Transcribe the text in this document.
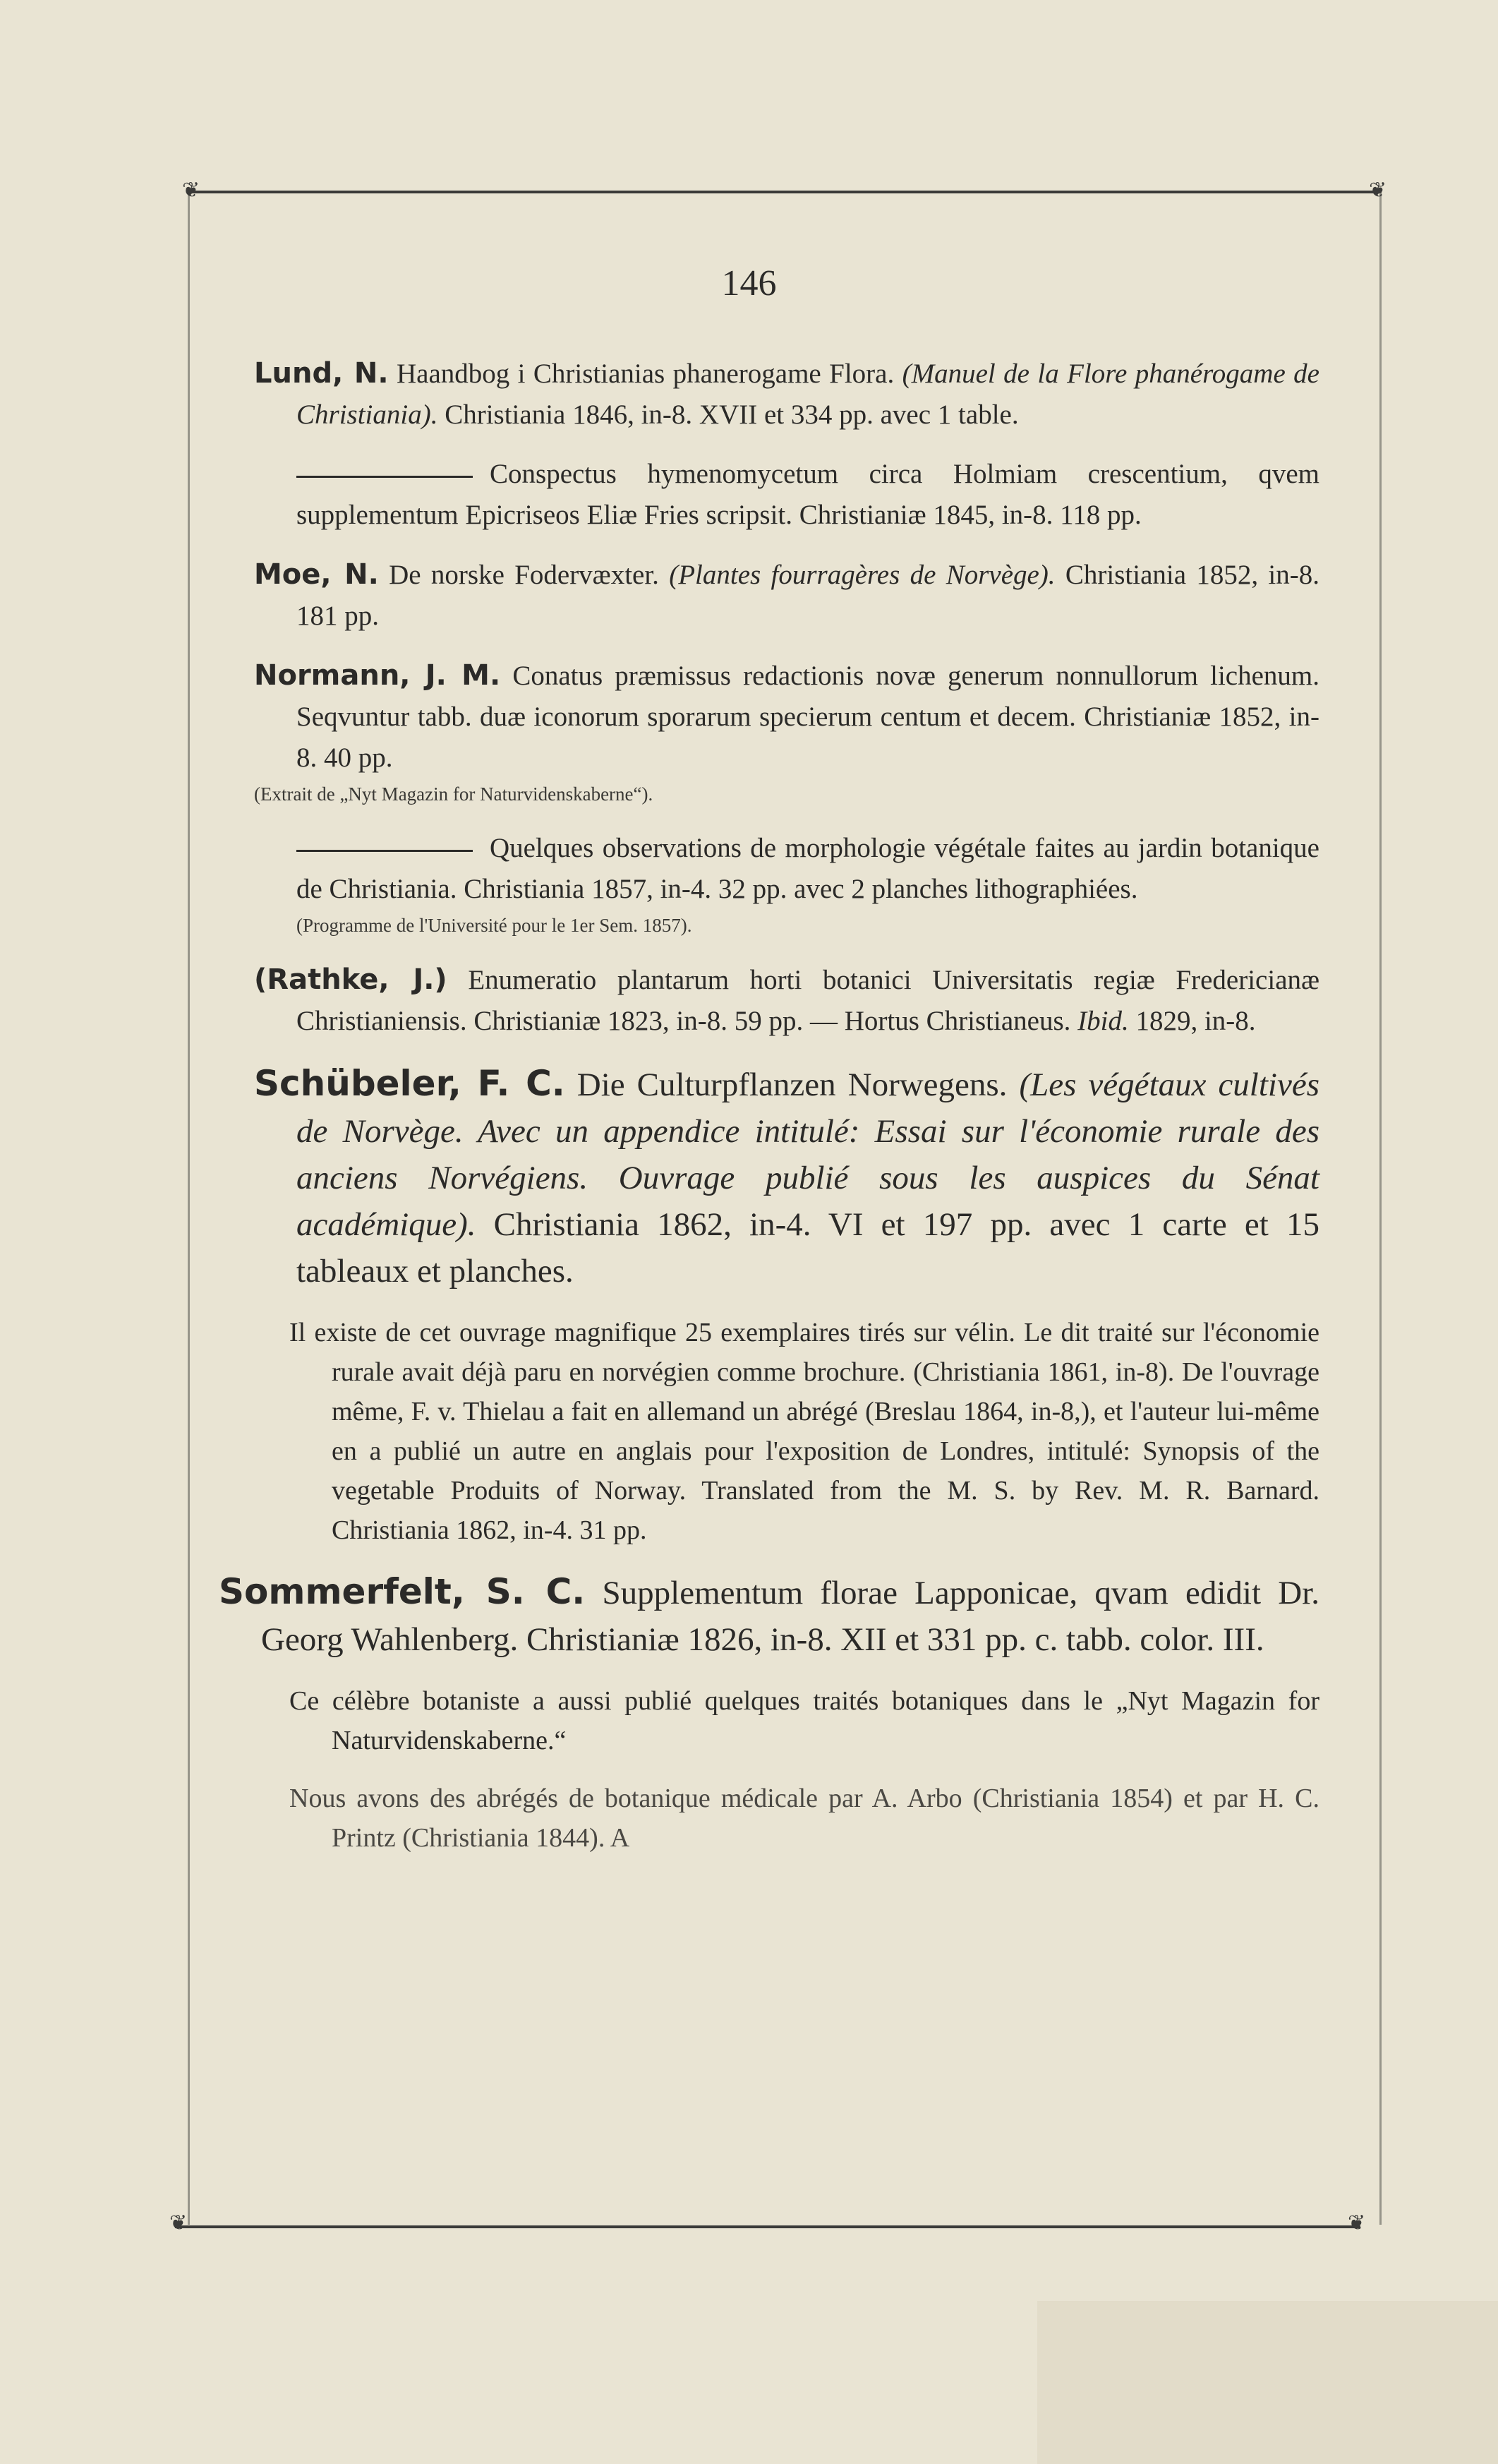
❦	❦
❦	❦
146
Lund, N. Haandbog i Christianias phanerogame Flora. (Manuel de la Flore phanérogame de Christiania). Christiania 1846, in-8. XVII et 334 pp. avec 1 table.
Conspectus hymenomycetum circa Holmiam crescentium, qvem supplementum Epicriseos Eliæ Fries scripsit. Christianiæ 1845, in-8. 118 pp.
Moe, N. De norske Fodervæxter. (Plantes fourragères de Norvège). Christiania 1852, in-8. 181 pp.
Normann, J. M. Conatus præmissus redactionis novæ generum nonnullorum lichenum. Seqvuntur tabb. duæ iconorum sporarum specierum centum et decem. Christianiæ 1852, in-8. 40 pp.
(Extrait de „Nyt Magazin for Naturvidenskaberne“).
Quelques observations de morphologie végétale faites au jardin botanique de Christiania. Christiania 1857, in-4. 32 pp. avec 2 planches lithographiées.
(Programme de l'Université pour le 1er Sem. 1857).
(Rathke, J.) Enumeratio plantarum horti botanici Universitatis regiæ Fredericianæ Christianiensis. Christianiæ 1823, in-8. 59 pp. — Hortus Christianeus. Ibid. 1829, in-8.
Schübeler, F. C. Die Culturpflanzen Norwegens. (Les végétaux cultivés de Norvège. Avec un appendice intitulé: Essai sur l'économie rurale des anciens Norvégiens. Ouvrage publié sous les auspices du Sénat académique). Christiania 1862, in-4. VI et 197 pp. avec 1 carte et 15 tableaux et planches.
Il existe de cet ouvrage magnifique 25 exemplaires tirés sur vélin. Le dit traité sur l'économie rurale avait déjà paru en norvégien comme brochure. (Christiania 1861, in-8). De l'ouvrage même, F. v. Thielau a fait en allemand un abrégé (Breslau 1864, in-8,), et l'auteur lui-même en a publié un autre en anglais pour l'exposition de Londres, intitulé: Synopsis of the vegetable Produits of Norway. Translated from the M. S. by Rev. M. R. Barnard. Christiania 1862, in-4. 31 pp.
Sommerfelt, S. C. Supplementum florae Lapponicae, qvam edidit Dr. Georg Wahlenberg. Christianiæ 1826, in-8. XII et 331 pp. c. tabb. color. III.
Ce célèbre botaniste a aussi publié quelques traités botaniques dans le „Nyt Magazin for Naturvidenskaberne.“
Nous avons des abrégés de botanique médicale par A. Arbo (Christiania 1854) et par H. C. Printz (Christiania 1844). A
